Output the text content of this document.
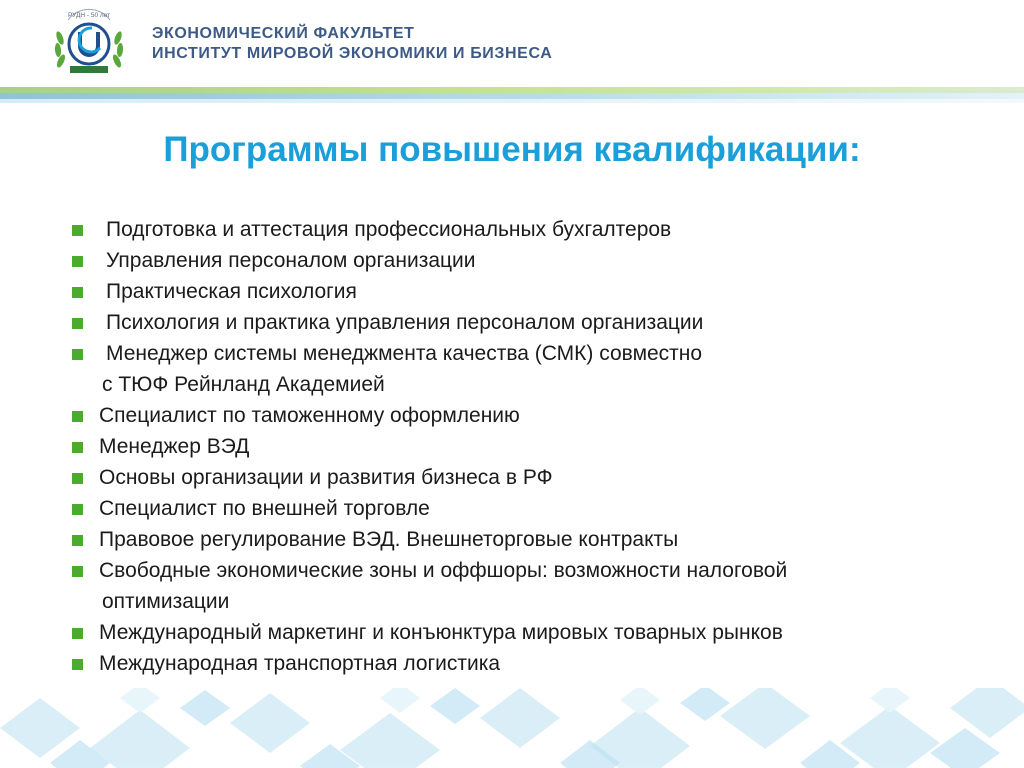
РУДН - 50 лет
ЭКОНОМИЧЕСКИЙ ФАКУЛЬТЕТ
ИНСТИТУТ МИРОВОЙ ЭКОНОМИКИ И БИЗНЕСА
Программы повышения квалификации:
Подготовка и аттестация профессиональных бухгалтеров
Управления персоналом организации
Практическая психология
Психология и практика управления персоналом организации
Менеджер системы менеджмента качества (СМК) совместно
с ТЮФ Рейнланд Академией
Специалист по таможенному оформлению
Менеджер ВЭД
Основы организации и развития бизнеса в РФ
Специалист по внешней торговле
Правовое регулирование ВЭД. Внешнеторговые контракты
Свободные экономические зоны и оффшоры: возможности налоговой
оптимизации
Международный маркетинг и конъюнктура мировых товарных рынков
Международная транспортная логистика
